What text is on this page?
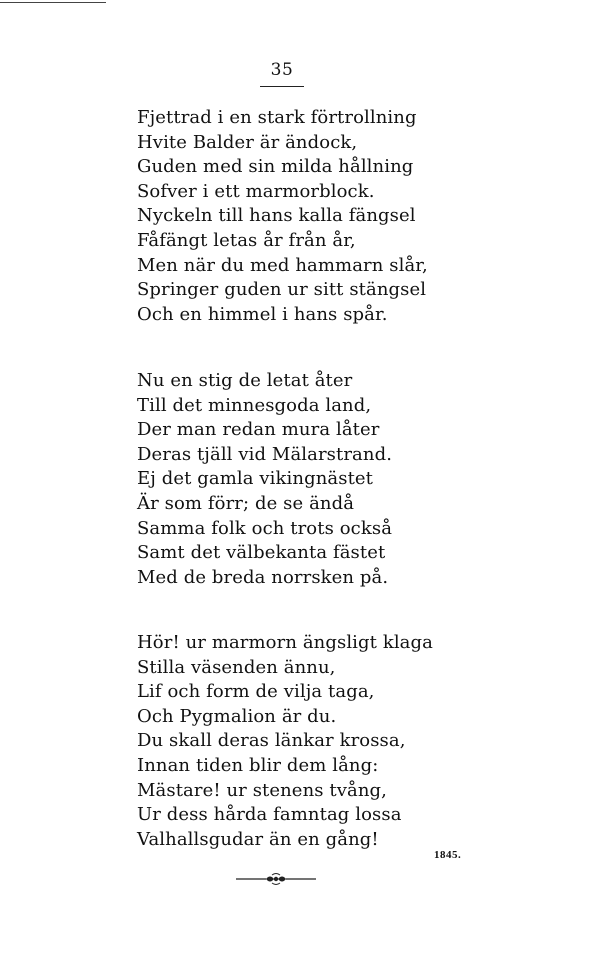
35
Fjettrad i en stark förtrollning
Hvite Balder är ändock,
Guden med sin milda hållning
Sofver i ett marmorblock.
Nyckeln till hans kalla fängsel
Fåfängt letas år från år,
Men när du med hammarn slår,
Springer guden ur sitt stängsel
Och en himmel i hans spår.
Nu en stig de letat åter
Till det minnesgoda land,
Der man redan mura låter
Deras tjäll vid Mälarstrand.
Ej det gamla vikingnästet
Är som förr; de se ändå
Samma folk och trots också
Samt det välbekanta fästet
Med de breda norrsken på.
Hör! ur marmorn ängsligt klaga
Stilla väsenden ännu,
Lif och form de vilja taga,
Och Pygmalion är du.
Du skall deras länkar krossa,
Innan tiden blir dem lång:
Mästare! ur stenens tvång,
Ur dess hårda famntag lossa
Valhallsgudar än en gång!
1845.
